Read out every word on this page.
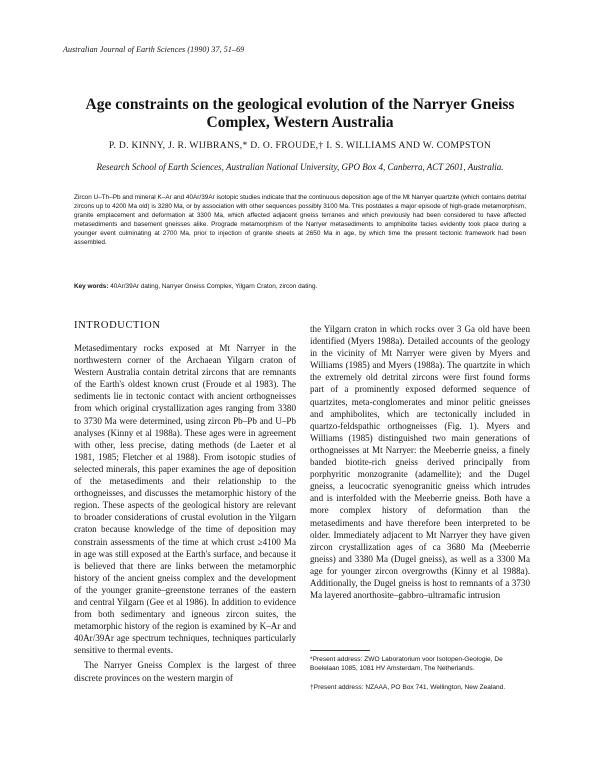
Australian Journal of Earth Sciences (1990) 37, 51–69
Age constraints on the geological evolution of the Narryer Gneiss
Complex, Western Australia
P. D. KINNY, J. R. WIJBRANS,* D. O. FROUDE,† I. S. WILLIAMS AND W. COMPSTON
Research School of Earth Sciences, Australian National University, GPO Box 4, Canberra, ACT 2601, Australia.
Zircon U–Th–Pb and mineral K–Ar and 40Ar/39Ar isotopic studies indicate that the continuous deposition age of the Mt Narryer quartzite (which contains detrital zircons up to 4200 Ma old) is 3280 Ma, or by association with other sequences possibly 3100 Ma. This postdates a major episode of high-grade metamorphism, granite emplacement and deformation at 3300 Ma, which affected adjacent gneiss terranes and which previously had been considered to have affected metasediments and basement gneisses alike. Prograde metamorphism of the Narryer metasediments to amphibolite facies evidently took place during a younger event culminating at 2700 Ma, prior to injection of granite sheets at 2650 Ma in age, by which time the present tectonic framework had been assembled.
Key words: 40Ar/39Ar dating, Narryer Gneiss Complex, Yilgarn Craton, zircon dating.
INTRODUCTION

Metasedimentary rocks exposed at Mt Narryer in the northwestern corner of the Archaean Yilgarn craton of Western Australia contain detrital zircons that are remnants of the Earth's oldest known crust (Froude et al 1983). The sediments lie in tectonic contact with ancient orthogneisses from which original crystallization ages ranging from 3380 to 3730 Ma were determined, using zircon Pb–Pb and U–Pb analyses (Kinny et al 1988a). These ages were in agreement with other, less precise, dating methods (de Laeter et al 1981, 1985; Fletcher et al 1988). From isotopic studies of selected minerals, this paper examines the age of deposition of the metasediments and their relationship to the orthogneisses, and discusses the metamorphic history of the region. These aspects of the geological history are relevant to broader considerations of crustal evolution in the Yilgarn craton because knowledge of the time of deposition may constrain assessments of the time at which crust ≥4100 Ma in age was still exposed at the Earth's surface, and because it is believed that there are links between the metamorphic history of the ancient gneiss complex and the development of the younger granite–greenstone terranes of the eastern and central Yilgarn (Gee et al 1986). In addition to evidence from both sedimentary and igneous zircon suites, the metamorphic history of the region is examined by K–Ar and 40Ar/39Ar age spectrum techniques, techniques particularly sensitive to thermal events.

The Narryer Gneiss Complex is the largest of three discrete provinces on the western margin of

the Yilgarn craton in which rocks over 3 Ga old have been identified (Myers 1988a). Detailed accounts of the geology in the vicinity of Mt Narryer were given by Myers and Williams (1985) and Myers (1988a). The quartzite in which the extremely old detrital zircons were first found forms part of a prominently exposed deformed sequence of quartzites, meta-conglomerates and minor pelitic gneisses and amphibolites, which are tectonically included in quartzo-feldspathic orthogneisses (Fig. 1). Myers and Williams (1985) distinguished two main generations of orthogneisses at Mt Narryer: the Meeberrie gneiss, a finely banded biotite-rich gneiss derived principally from porphyritic monzogranite (adamellite); and the Dugel gneiss, a leucocratic syenogranitic gneiss which intrudes and is interfolded with the Meeberrie gneiss. Both have a more complex history of deformation than the metasediments and have therefore been interpreted to be older. Immediately adjacent to Mt Narryer they have given zircon crystallization ages of ca 3680 Ma (Meeberrie gneiss) and 3380 Ma (Dugel gneiss), as well as a 3300 Ma age for younger zircon overgrowths (Kinny et al 1988a). Additionally, the Dugel gneiss is host to remnants of a 3730 Ma layered anorthosite–gabbro–ultramafic intrusion

*Present address: ZWO Laboratorium voor Isotopen-Geologie, De Boelelaan 1085, 1081 HV Amsterdam, The Netherlands.
†Present address: NZAAA, PO Box 741, Wellington, New Zealand.
